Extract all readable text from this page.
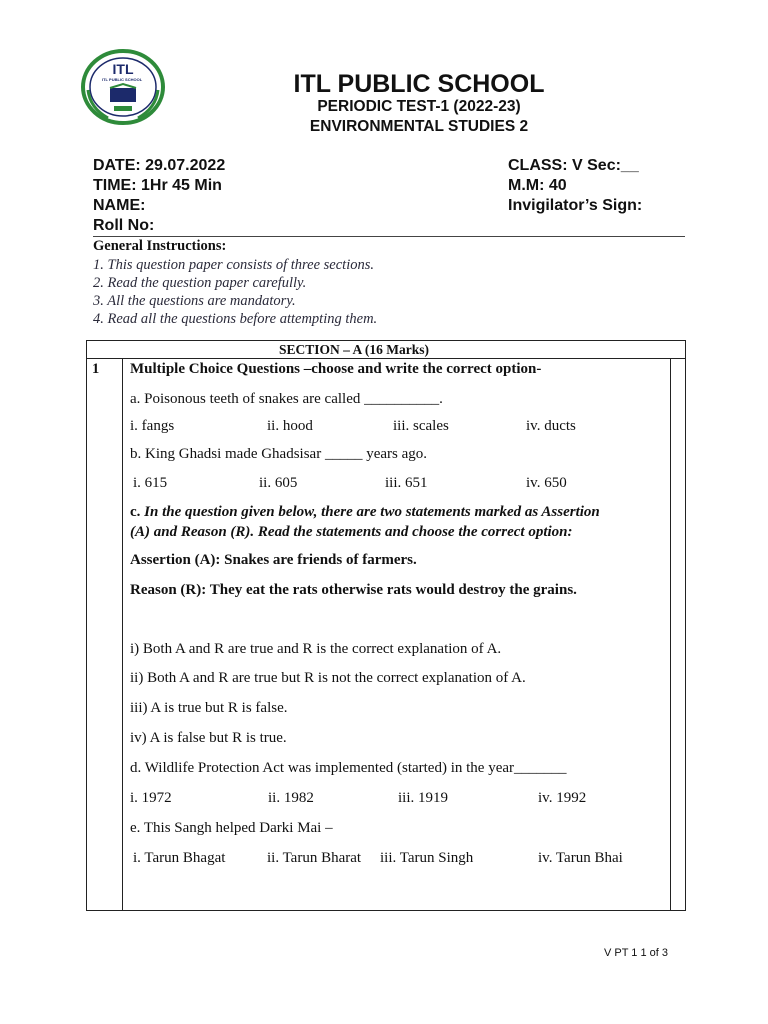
ITL
ITL PUBLIC SCHOOL	ITL PUBLIC SCHOOL
PERIODIC TEST-1 (2022-23)
ENVIRONMENTAL STUDIES 2
DATE: 29.07.2022
TIME: 1Hr 45 Min
NAME:
Roll No:
CLASS: V Sec:__
M.M: 40
Invigilator’s Sign:
General Instructions:
1. This question paper consists of three sections.
2. Read the question paper carefully.
3. All the questions are mandatory.
4. Read all the questions before attempting them.
SECTION – A (16 Marks)
1 Multiple Choice Questions –choose and write the correct option-
a. Poisonous teeth of snakes are called __________.
i. fangs	ii. hood	iii. scales	iv. ducts
b. King Ghadsi made Ghadsisar _____ years ago.
i. 615	ii. 605	iii. 651	iv. 650
c. In the question given below, there are two statements marked as Assertion
(A) and Reason (R). Read the statements and choose the correct option:
Assertion (A): Snakes are friends of farmers.
Reason (R): They eat the rats otherwise rats would destroy the grains.
i) Both A and R are true and R is the correct explanation of A.
ii) Both A and R are true but R is not the correct explanation of A.
iii) A is true but R is false.
iv) A is false but R is true.
d. Wildlife Protection Act was implemented (started) in the year_______
i. 1972	ii. 1982	iii. 1919	iv. 1992
e. This Sangh helped Darki Mai –
i. Tarun Bhagat	ii. Tarun Bharat iii. Tarun Singh	iv. Tarun Bhai
V PT 1 1 of 3
